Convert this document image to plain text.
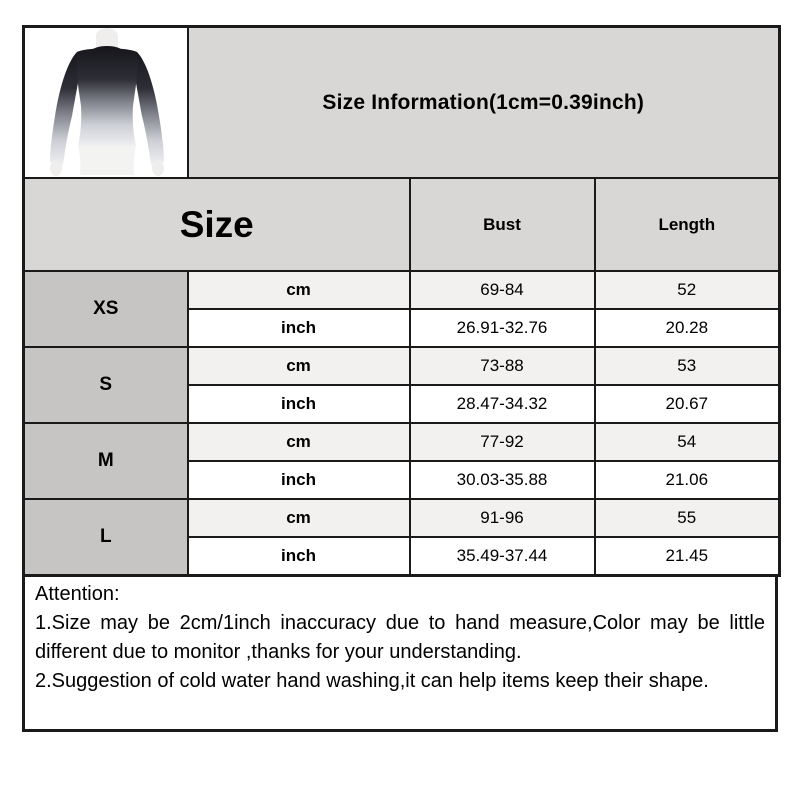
	Size Information(1cm=0.39inch)		
Size		Bust	Length
XS	cm	69-84	52
	inch	26.91-32.76	20.28
S	cm	73-88	53
	inch	28.47-34.32	20.67
M	cm	77-92	54
	inch	30.03-35.88	21.06
L	cm	91-96	55
	inch	35.49-37.44	21.45

Attention:

1.Size may be 2cm/1inch inaccuracy due to hand measure,Color may be little different due to monitor ,thanks for your understanding.

2.Suggestion of cold water hand washing,it can help items keep their shape.
